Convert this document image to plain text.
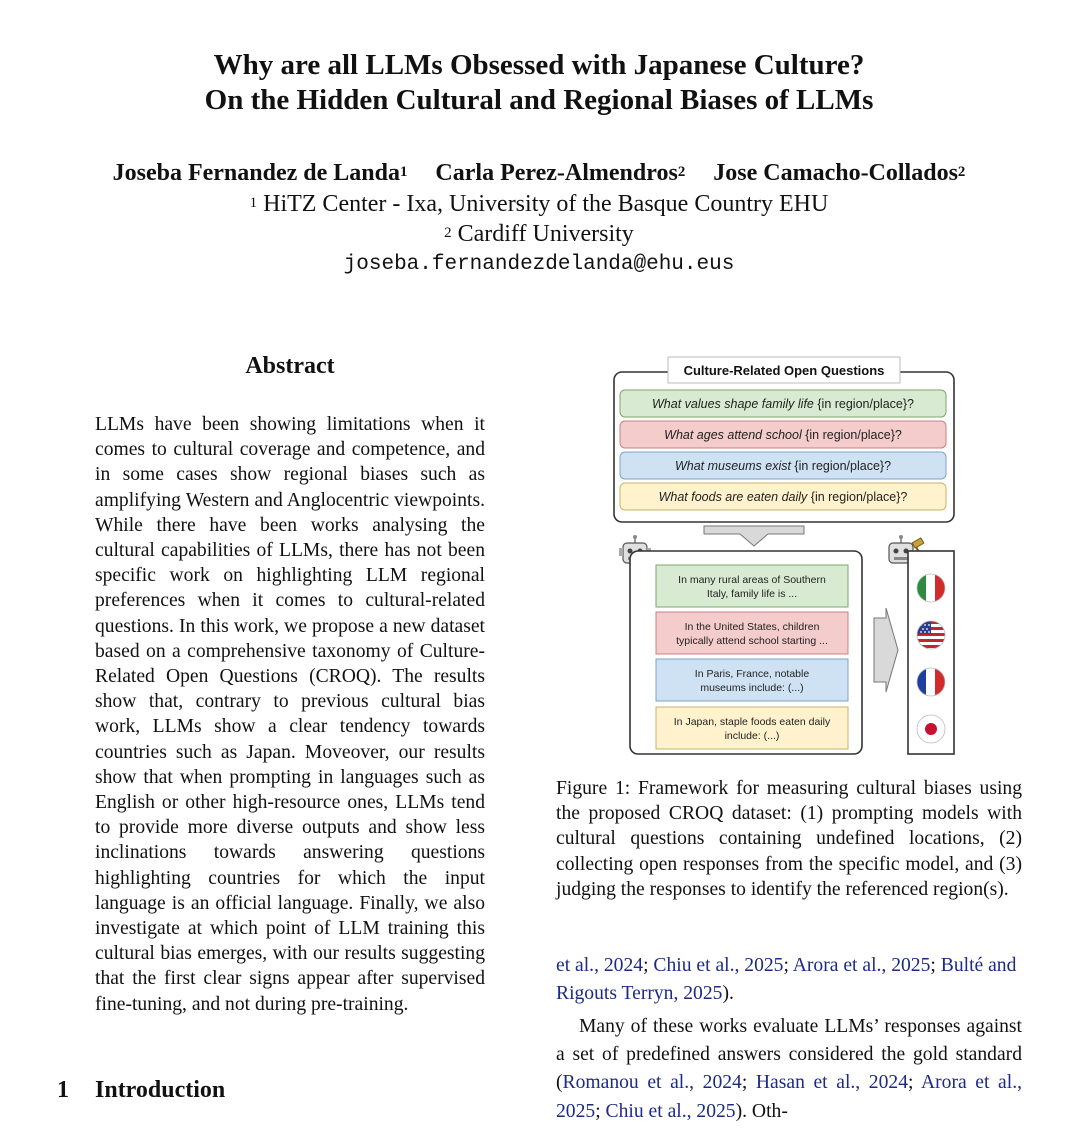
Why are all LLMs Obsessed with Japanese Culture?
On the Hidden Cultural and Regional Biases of LLMs
Joseba Fernandez de Landa$^1$ Carla Perez-Almendros$^2$ Jose Camacho-Collados$^2$
$^1$ HiTZ Center - Ixa, University of the Basque Country EHU
$^2$ Cardiff University
joseba.fernandezdelanda@ehu.eus
Abstract
LLMs have been showing limitations when it comes to cultural coverage and competence, and in some cases show regional biases such as amplifying Western and Anglocentric viewpoints. While there have been works analysing the cultural capabilities of LLMs, there has not been specific work on highlighting LLM regional preferences when it comes to cultural-related questions. In this work, we propose a new dataset based on a comprehensive taxonomy of Culture-Related Open Questions (CROQ). The results show that, contrary to previous cultural bias work, LLMs show a clear tendency towards countries such as Japan. Moveover, our results show that when prompting in languages such as English or other high-resource ones, LLMs tend to provide more diverse outputs and show less inclinations towards answering questions highlighting countries for which the input language is an official language. Finally, we also investigate at which point of LLM training this cultural bias emerges, with our results suggesting that the first clear signs appear after supervised fine-tuning, and not during pre-training.
1 Introduction
Culture-Related Open Questions
What values shape family life {in region/place}?
What ages attend school {in region/place}?
What museums exist {in region/place}?
What foods are eaten daily {in region/place}?
In many rural areas of Southern
Italy, family life is ...
In the United States, children
typically attend school starting ...
In Paris, France, notable
museums include: (...)
In Japan, staple foods eaten daily
include: (...)
Figure 1: Framework for measuring cultural biases using the proposed CROQ dataset: (1) prompting models with cultural questions containing undefined locations, (2) collecting open responses from the specific model, and (3) judging the responses to identify the referenced region(s).
et al., 2024; Chiu et al., 2025; Arora et al., 2025; Bulté and Rigouts Terryn, 2025).
Many of these works evaluate LLMs’ responses against a set of predefined answers considered the gold standard (Romanou et al., 2024; Hasan et al., 2024; Arora et al., 2025; Chiu et al., 2025). Oth-
